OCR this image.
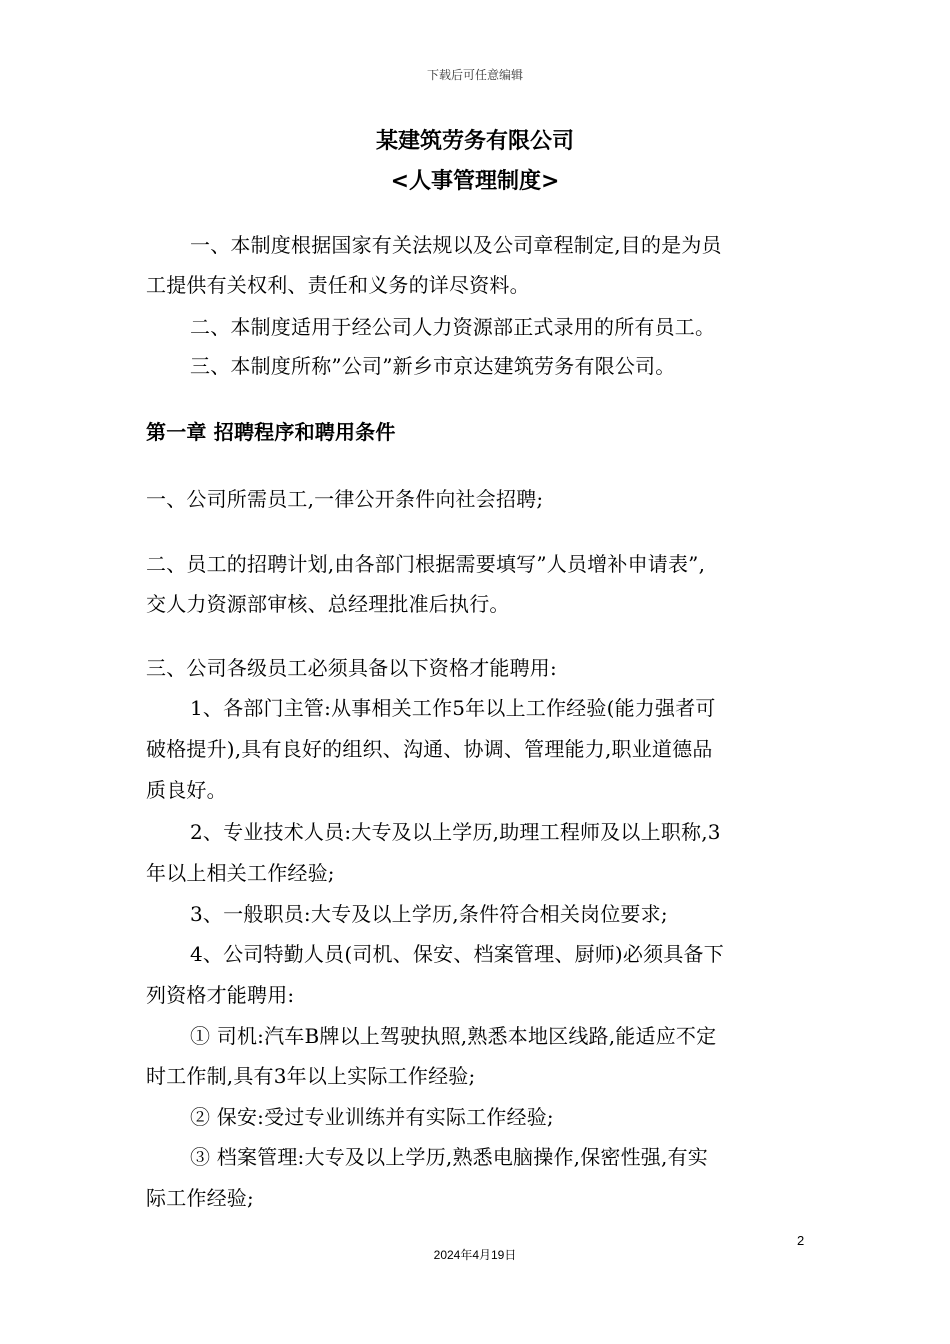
下载后可任意编辑
某建筑劳务有限公司
<人事管理制度>
一、本制度根据国家有关法规以及公司章程制定,目的是为员
工提供有关权利、责任和义务的详尽资料。
二、本制度适用于经公司人力资源部正式录用的所有员工。
三、本制度所称”公司”新乡市京达建筑劳务有限公司。
第一章 招聘程序和聘用条件
一、公司所需员工,一律公开条件向社会招聘;
二、员工的招聘计划,由各部门根据需要填写”人员增补申请表”,
交人力资源部审核、总经理批准后执行。
三、公司各级员工必须具备以下资格才能聘用:
1、各部门主管:从事相关工作5年以上工作经验(能力强者可
破格提升),具有良好的组织、沟通、协调、管理能力,职业道德品
质良好。
2、专业技术人员:大专及以上学历,助理工程师及以上职称,3
年以上相关工作经验;
3、一般职员:大专及以上学历,条件符合相关岗位要求;
4、公司特勤人员(司机、保安、档案管理、厨师)必须具备下
列资格才能聘用:
① 司机:汽车B牌以上驾驶执照,熟悉本地区线路,能适应不定
时工作制,具有3年以上实际工作经验;
② 保安:受过专业训练并有实际工作经验;
③ 档案管理:大专及以上学历,熟悉电脑操作,保密性强,有实
际工作经验;
2
2024年4月19日
